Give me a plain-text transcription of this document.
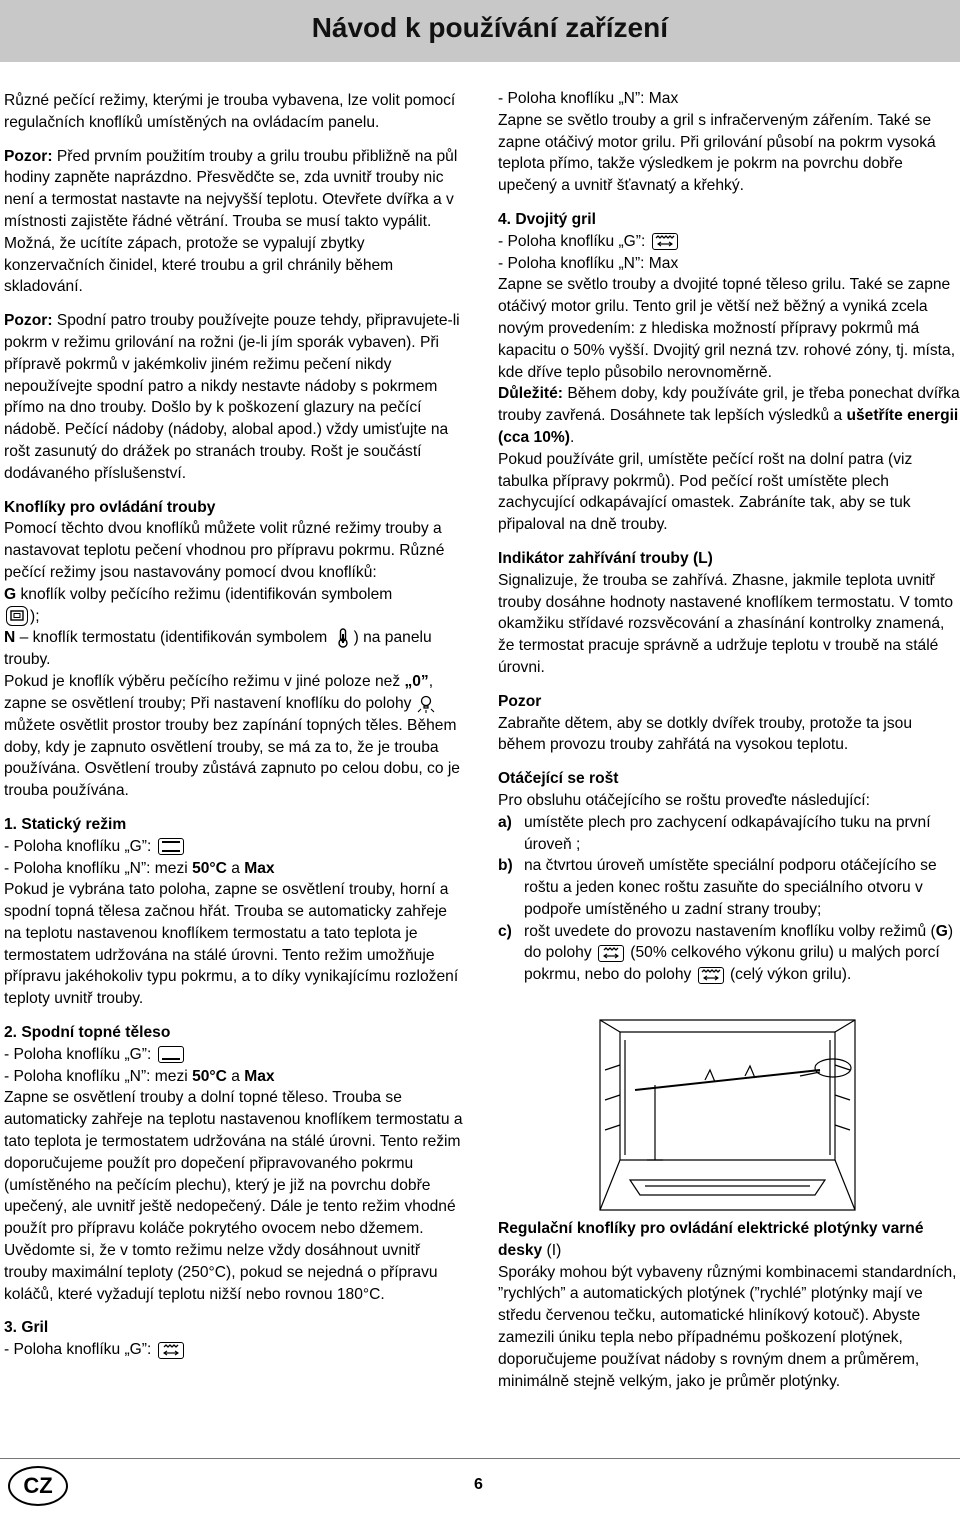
Návod k používání zařízení

Různé pečící režimy, kterými je trouba vybavena, lze volit pomocí regulačních knoflíků umístěných na ovládacím panelu.

Pozor: Před prvním použitím trouby a grilu troubu přibližně na půl hodiny zapněte naprázdno. Přesvědčte se, zda uvnitř trouby nic není a termostat nastavte na nejvyšší teplotu. Otevřete dvířka a v místnosti zajistěte řádné větrání. Trouba se musí takto vypálit. Možná, že ucítíte zápach, protože se vypalují zbytky konzervačních činidel, které troubu a gril chránily během skladování.

Pozor: Spodní patro trouby používejte pouze tehdy, připravujete-li pokrm v režimu grilování na rožni (je-li jím sporák vybaven). Při přípravě pokrmů v jakémkoliv jiném režimu pečení nikdy nepoužívejte spodní patro a nikdy nestavte nádoby s pokrmem přímo na dno trouby. Došlo by k poškození glazury na pečící nádobě. Pečící nádoby (nádoby, alobal apod.) vždy umisťujte na rošt zasunutý do drážek po stranách trouby. Rošt je součástí dodávaného příslušenství.

Knoflíky pro ovládání trouby
Pomocí těchto dvou knoflíků můžete volit různé režimy trouby a nastavovat teplotu pečení vhodnou pro přípravu pokrmu. Různé pečící režimy jsou nastavovány pomocí dvou knoflíků:
G knoflík volby pečícího režimu (identifikován symbolem

);
N – knoflík termostatu (identifikován symbolem ) na panelu trouby.
Pokud je knoflík výběru pečícího režimu v jiné poloze než „0”, zapne se osvětlení trouby; Při nastavení knoflíku do polohy  můžete osvětlit prostor trouby bez zapínání topných těles. Během doby, kdy je zapnuto osvětlení trouby, se má za to, že je trouba používána. Osvětlení trouby zůstává zapnuto po celou dobu, co je trouba používána.
1. Statický režim
- Poloha knoflíku „G”:
- Poloha knoflíku „N”: mezi 50°C a Max
Pokud je vybrána tato poloha, zapne se osvětlení trouby, horní a spodní topná tělesa začnou hřát. Trouba se automaticky zahřeje na teplotu nastavenou knoflíkem termostatu a tato teplota je termostatem udržována na stálé úrovni. Tento režim umožňuje přípravu jakéhokoliv typu pokrmu, a to díky vynikajícímu rozložení teploty uvnitř trouby.
2. Spodní topné těleso
- Poloha knoflíku „G”:
- Poloha knoflíku „N”: mezi 50°C a Max
Zapne se osvětlení trouby a dolní topné těleso. Trouba se automaticky zahřeje na teplotu nastavenou knoflíkem termostatu a tato teplota je termostatem udržována na stálé úrovni. Tento režim doporučujeme použít pro dopečení připravovaného pokrmu (umístěného na pečícím plechu), který je již na povrchu dobře upečený, ale uvnitř ještě nedopečený. Dále je tento režim vhodné použít pro přípravu koláče pokrytého ovocem nebo džemem. Uvědomte si, že v tomto režimu nelze vždy dosáhnout uvnitř trouby maximální teploty (250°C), pokud se nejedná o přípravu koláčů, které vyžadují teplotu nižší nebo rovnou 180°C.
3. Gril
- Poloha knoflíku „G”:
- Poloha knoflíku „N”: Max
Zapne se světlo trouby a gril s infračerveným zářením. Také se zapne otáčivý motor grilu. Při grilování působí na pokrm vysoká teplota přímo, takže výsledkem je pokrm na povrchu dobře upečený a uvnitř šťavnatý a křehký.
4. Dvojitý gril
- Poloha knoflíku „G”:
- Poloha knoflíku „N”: Max
Zapne se světlo trouby a dvojité topné těleso grilu. Také se zapne otáčivý motor grilu. Tento gril je větší než běžný a vyniká zcela novým provedením: z hlediska možností přípravy pokrmů má kapacitu o 50% vyšší. Dvojitý gril nezná tzv. rohové zóny, tj. místa, kde dříve teplo působilo nerovnoměrně.
Důležité: Během doby, kdy používáte gril, je třeba ponechat dvířka trouby zavřená. Dosáhnete tak lepších výsledků a ušetříte energii (cca 10%).
Pokud používáte gril, umístěte pečící rošt na dolní patra (viz tabulka přípravy pokrmů). Pod pečící rošt umístěte plech zachycující odkapávající omastek. Zabráníte tak, aby se tuk připaloval na dně trouby.
Indikátor zahřívání trouby (L)
Signalizuje, že trouba se zahřívá. Zhasne, jakmile teplota uvnitř trouby dosáhne hodnoty nastavené knoflíkem termostatu. V tomto okamžiku střídavé rozsvěcování a zhasínání kontrolky znamená, že termostat pracuje správně a udržuje teplotu v troubě na stálé úrovni.
Pozor
Zabraňte dětem, aby se dotkly dvířek trouby, protože ta jsou během provozu trouby zahřátá na vysokou teplotu.
Otáčející se rošt
Pro obsluhu otáčejícího se roštu proveďte následující:
a) umístěte plech pro zachycení odkapávajícího tuku na první úroveň ;
b) na čtvrtou úroveň umístěte speciální podporu otáčejícího se roštu a jeden konec roštu zasuňte do speciálního otvoru v podpoře umístěného u zadní strany trouby;
c) rošt uvedete do provozu nastavením knoflíku volby režimů (G) do polohy
(50% celkového výkonu grilu) u malých porcí pokrmu, nebo do polohy
(celý výkon grilu).
Regulační knoflíky pro ovládání elektrické plotýnky varné desky (I)
Sporáky mohou být vybaveny různými kombinacemi standardních, ”rychlých” a automatických plotýnek (”rychlé” plotýnky mají ve středu červenou tečku, automatické hliníkový kotouč). Abyste zamezili úniku tepla nebo případnému poškození plotýnek, doporučujeme používat nádoby s rovným dnem a průměrem, minimálně stejně velkým, jako je průměr plotýnky.
CZ	6
